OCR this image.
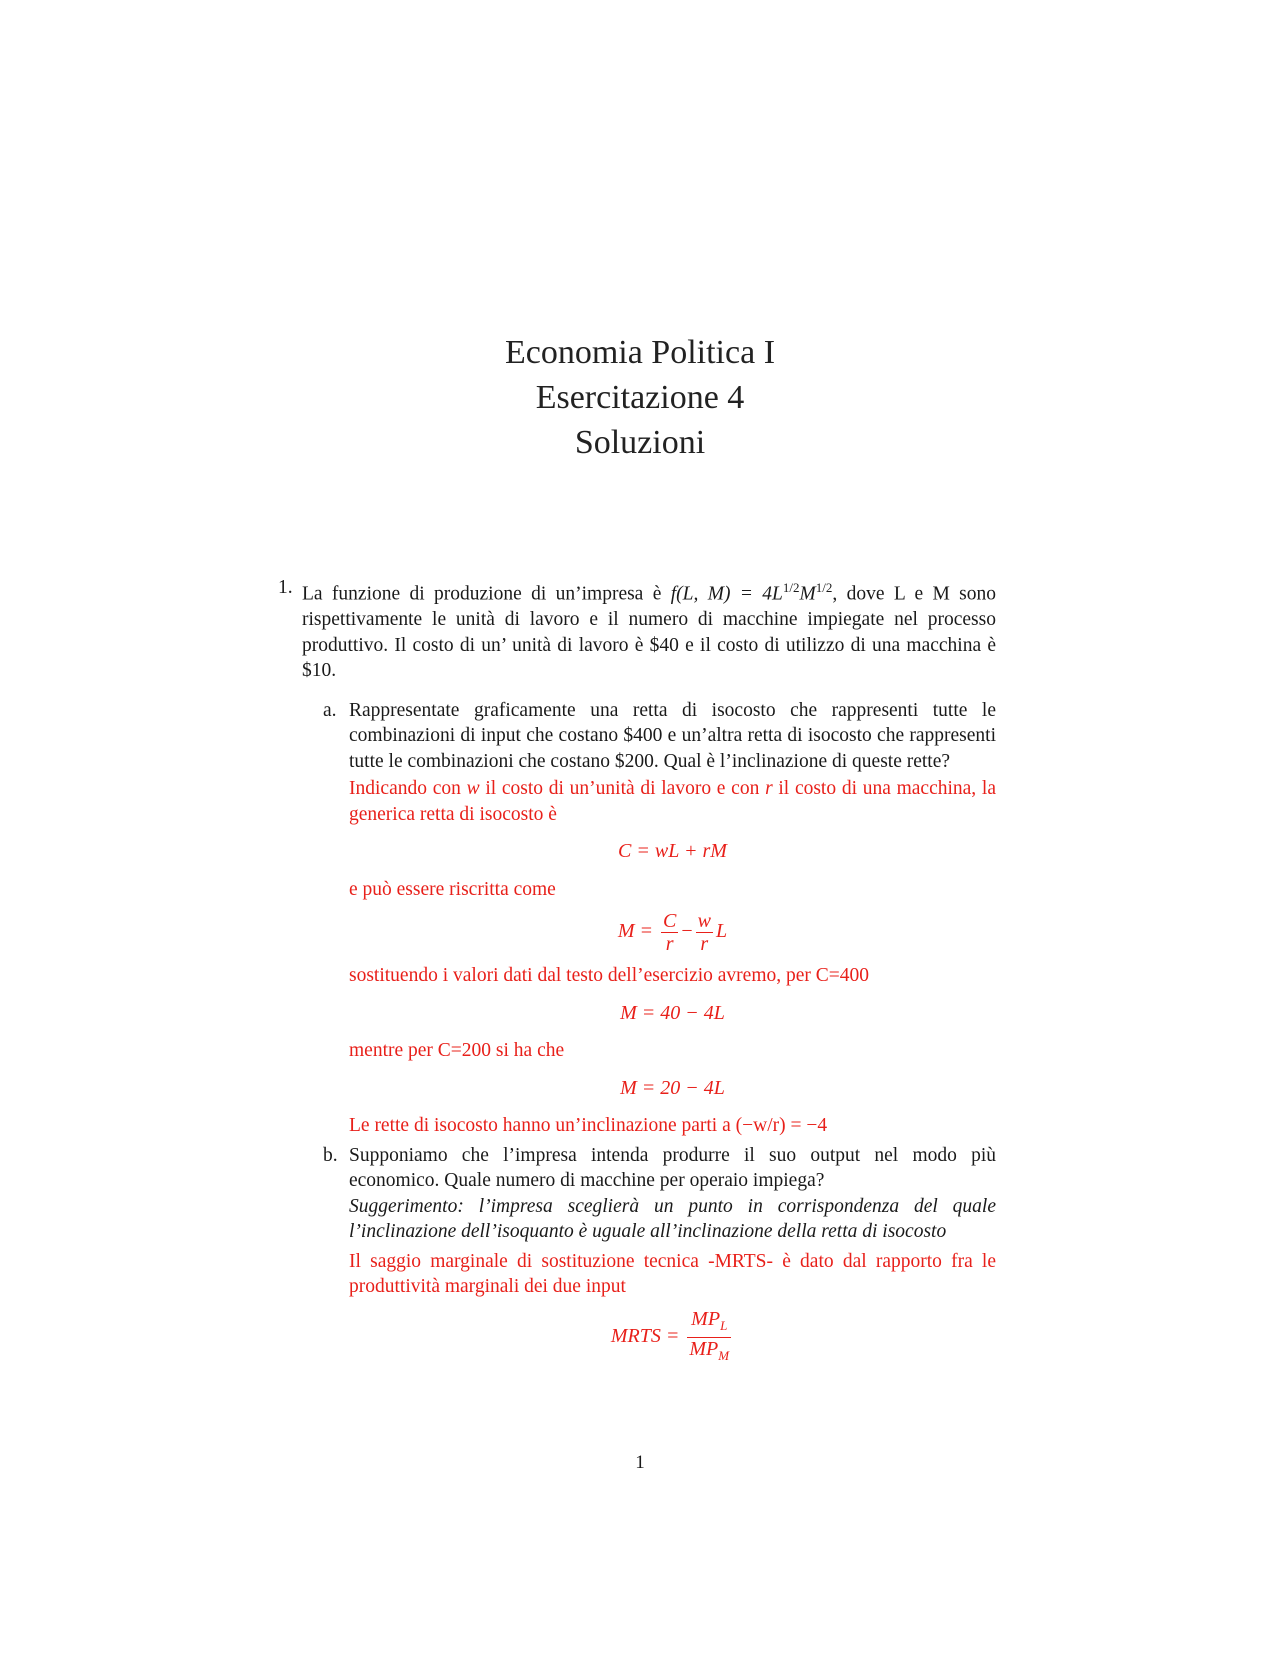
Economia Politica I
Esercitazione 4
Soluzioni
1. La funzione di produzione di un’impresa è f(L, $M) = 4L^{1/2}M^{1/2}$, dove L e M sono rispettivamente le unità di lavoro e il numero di macchine impiegate nel processo produttivo. Il costo di un’ unità di lavoro è $40 e il costo di utilizzo di una macchina è $10.
a. Rappresentate graficamente una retta di isocosto che rappresenti tutte le combinazioni di input che costano $400 e un’altra retta di isocosto che rappresenti tutte le combinazioni che costano $200. Qual è l’inclinazione di queste rette?
Indicando con w il costo di un’unità di lavoro e con r il costo di una macchina, la generica retta di isocosto è
C = wL + rM
e può essere riscritta come
$M = \frac{C}{r} - \frac{w}{r}$ L
sostituendo i valori dati dal testo dell’esercizio avremo, per C=400
M = 40 − 4L
mentre per C=200 si ha che
M = 20 − 4L
Le rette di isocosto hanno un’inclinazione parti a (−w/r) = −4
b. Supponiamo che l’impresa intenda produrre il suo output nel modo più economico. Quale numero di macchine per operaio impiega?
Suggerimento: l’impresa sceglierà un punto in corrispondenza del quale l’inclinazione dell’isoquanto è uguale all’inclinazione della retta di isocosto
Il saggio marginale di sostituzione tecnica -MRTS- è dato dal rapporto fra le produttività marginali dei due input
MRTS = $\frac{MP_L}{MP_M}$
1
